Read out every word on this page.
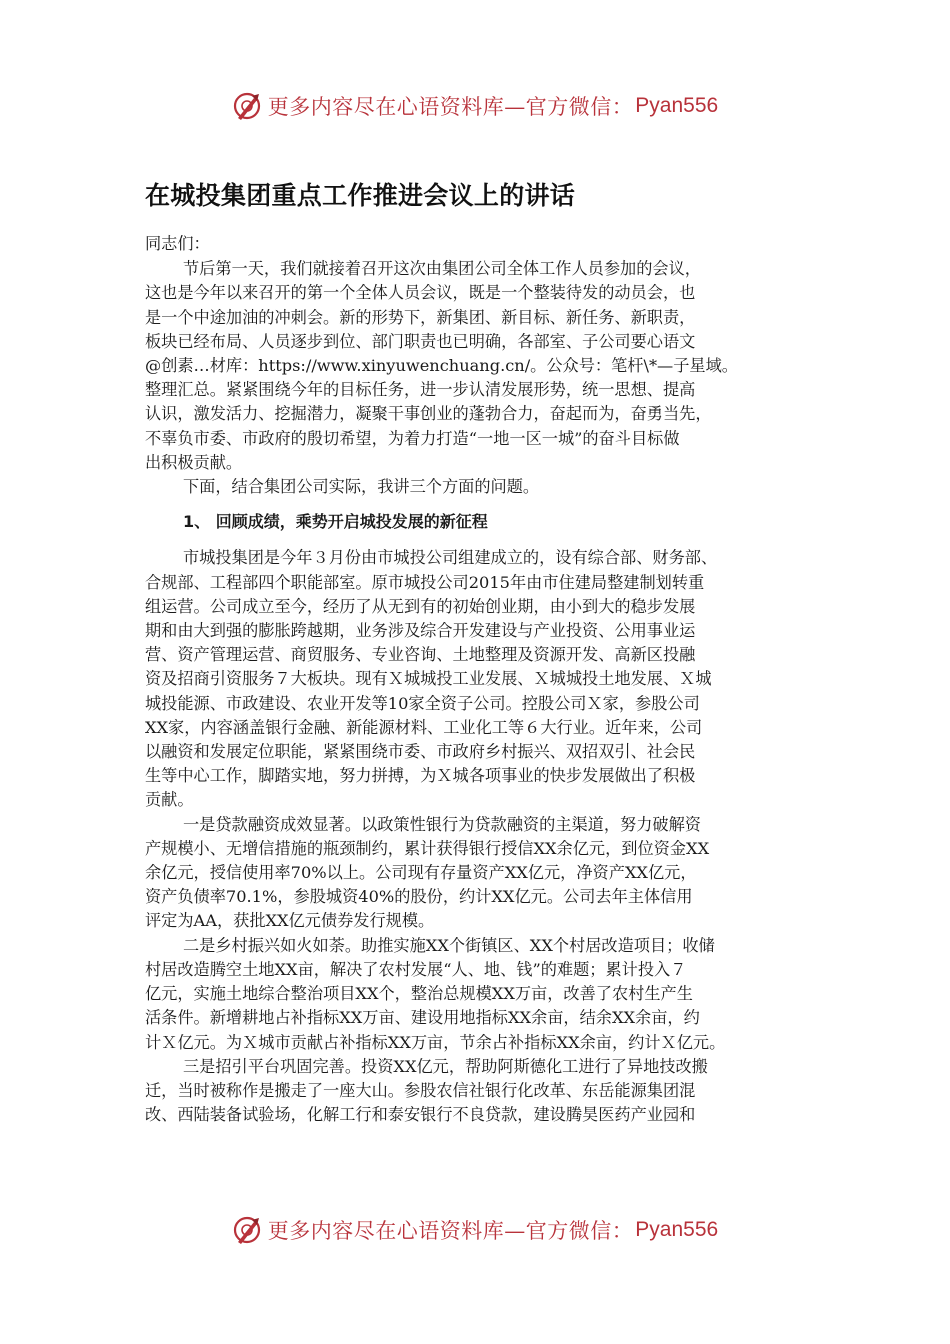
更多内容尽在心语资料库—官方微信： Pyan556
在城投集团重点工作推进会议上的讲话

同志们：

节后第一天，我们就接着召开这次由集团公司全体工作人员参加的会议，

这也是今年以来召开的第一个全体人员会议，既是一个整装待发的动员会，也

是一个中途加油的冲刺会。新的形势下，新集团、新目标、新任务、新职责，

板块已经布局、人员逐步到位、部门职责也已明确，各部室、子公司要心语文

@创素…材库：https://www.xinyuwenchuang.cn/。公众号：笔杆\*—子星域。

整理汇总。紧紧围绕今年的目标任务，进一步认清发展形势，统一思想、提高

认识，激发活力、挖掘潜力，凝聚干事创业的蓬勃合力，奋起而为，奋勇当先，

不辜负市委、市政府的殷切希望，为着力打造“一地一区一城”的奋斗目标做

出积极贡献。

下面，结合集团公司实际，我讲三个方面的问题。

1、 回顾成绩，乘势开启城投发展的新征程

市城投集团是今年３月份由市城投公司组建成立的，设有综合部、财务部、

合规部、工程部四个职能部室。原市城投公司2015年由市住建局整建制划转重

组运营。公司成立至今，经历了从无到有的初始创业期，由小到大的稳步发展

期和由大到强的膨胀跨越期，业务涉及综合开发建设与产业投资、公用事业运

营、资产管理运营、商贸服务、专业咨询、土地整理及资源开发、高新区投融

资及招商引资服务７大板块。现有Ｘ城城投工业发展、Ｘ城城投土地发展、Ｘ城

城投能源、市政建设、农业开发等10家全资子公司。控股公司Ｘ家，参股公司

XX家，内容涵盖银行金融、新能源材料、工业化工等６大行业。近年来，公司

以融资和发展定位职能，紧紧围绕市委、市政府乡村振兴、双招双引、社会民

生等中心工作，脚踏实地，努力拼搏，为Ｘ城各项事业的快步发展做出了积极

贡献。

一是贷款融资成效显著。以政策性银行为贷款融资的主渠道，努力破解资

产规模小、无增信措施的瓶颈制约，累计获得银行授信XX余亿元，到位资金XX

余亿元，授信使用率70%以上。公司现有存量资产XX亿元，净资产XX亿元，

资产负债率70.1%，参股城资40%的股份，约计XX亿元。公司去年主体信用

评定为AA，获批XX亿元债券发行规模。

二是乡村振兴如火如荼。助推实施XX个街镇区、XX个村居改造项目；收储

村居改造腾空土地XX亩，解决了农村发展“人、地、钱”的难题；累计投入７

亿元，实施土地综合整治项目XX个，整治总规模XX万亩，改善了农村生产生

活条件。新增耕地占补指标XX万亩、建设用地指标XX余亩，结余XX余亩，约

计Ｘ亿元。为Ｘ城市贡献占补指标XX万亩，节余占补指标XX余亩，约计Ｘ亿元。

三是招引平台巩固完善。投资XX亿元，帮助阿斯德化工进行了异地技改搬

迁，当时被称作是搬走了一座大山。参股农信社银行化改革、东岳能源集团混

改、西陆装备试验场，化解工行和泰安银行不良贷款，建设腾昊医药产业园和

更多内容尽在心语资料库—官方微信： Pyan556
